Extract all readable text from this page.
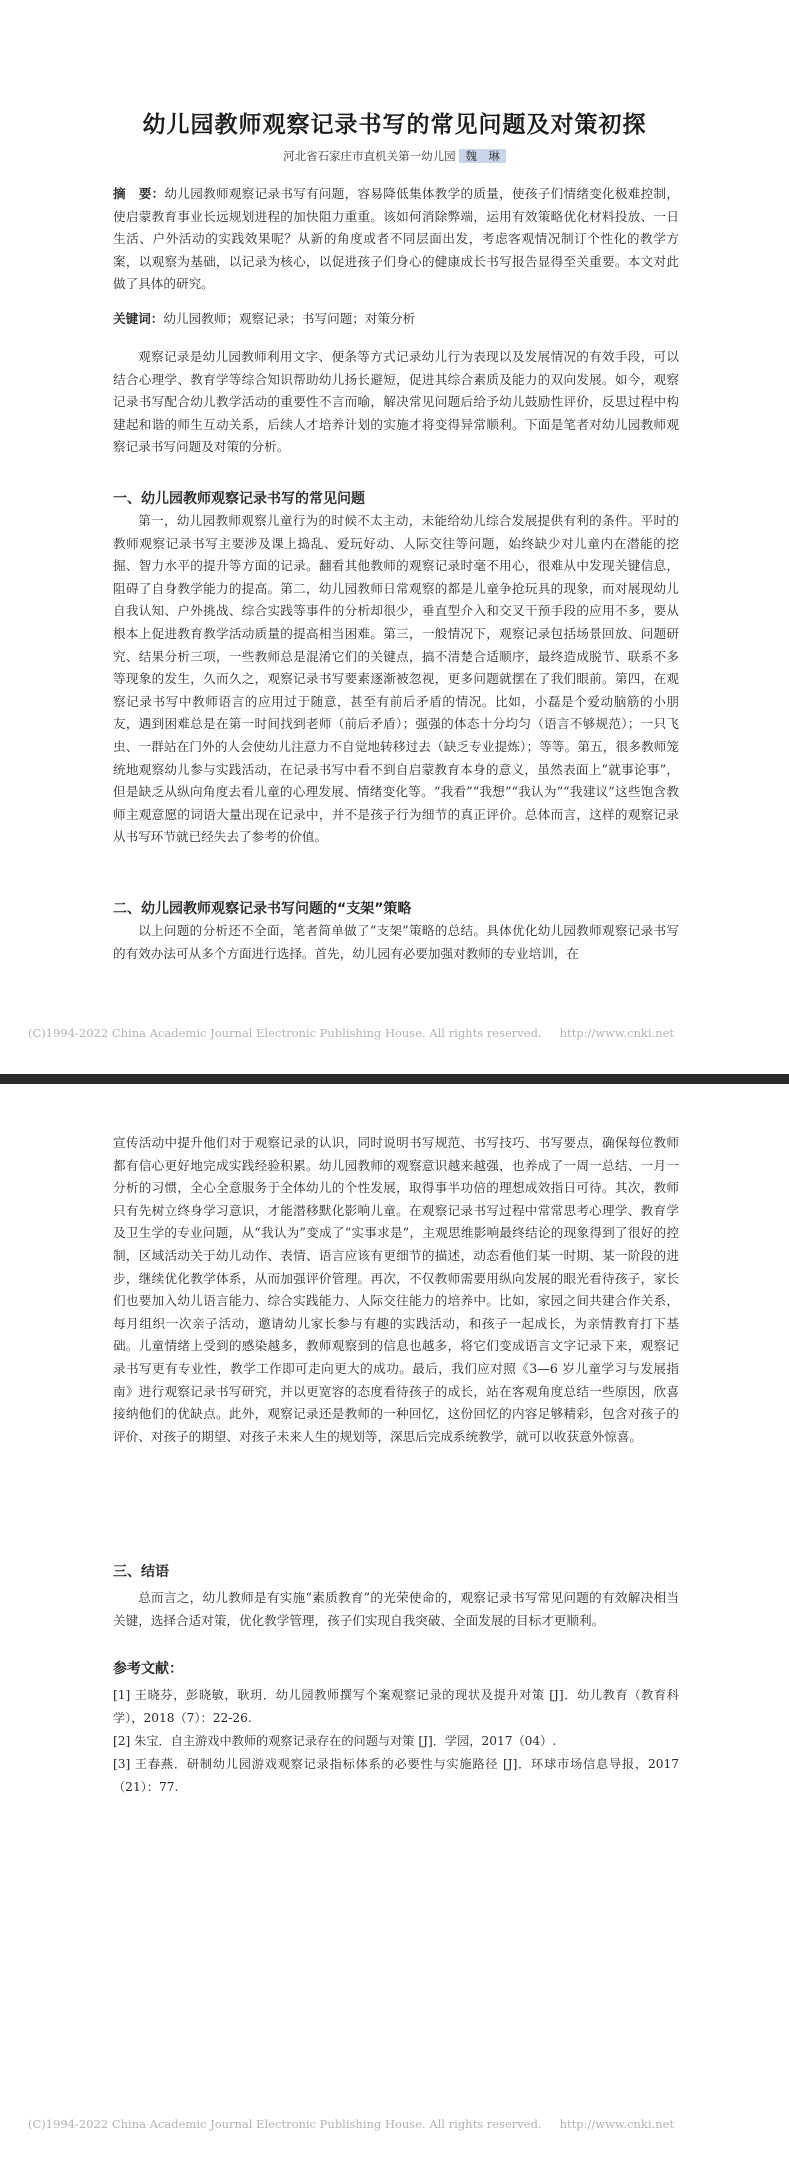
幼儿园教师观察记录书写的常见问题及对策初探
河北省石家庄市直机关第一幼儿园 魏　琳

摘　要：幼儿园教师观察记录书写有问题，容易降低集体教学的质量，使孩子们情绪变化极难控制，使启蒙教育事业长远规划进程的加快阻力重重。该如何消除弊端，运用有效策略优化材料投放、一日生活、户外活动的实践效果呢？从新的角度或者不同层面出发，考虑客观情况制订个性化的教学方案，以观察为基础，以记录为核心，以促进孩子们身心的健康成长书写报告显得至关重要。本文对此做了具体的研究。

关键词：幼儿园教师；观察记录；书写问题；对策分析

观察记录是幼儿园教师利用文字、便条等方式记录幼儿行为表现以及发展情况的有效手段，可以结合心理学、教育学等综合知识帮助幼儿扬长避短，促进其综合素质及能力的双向发展。如今，观察记录书写配合幼儿教学活动的重要性不言而喻，解决常见问题后给予幼儿鼓励性评价，反思过程中构建起和谐的师生互动关系，后续人才培养计划的实施才将变得异常顺利。下面是笔者对幼儿园教师观察记录书写问题及对策的分析。

一、幼儿园教师观察记录书写的常见问题

第一，幼儿园教师观察儿童行为的时候不太主动，未能给幼儿综合发展提供有利的条件。平时的教师观察记录书写主要涉及课上捣乱、爱玩好动、人际交往等问题，始终缺少对儿童内在潜能的挖掘、智力水平的提升等方面的记录。翻看其他教师的观察记录时毫不用心，很难从中发现关键信息，阻碍了自身教学能力的提高。第二，幼儿园教师日常观察的都是儿童争抢玩具的现象，而对展现幼儿自我认知、户外挑战、综合实践等事件的分析却很少，垂直型介入和交叉干预手段的应用不多，要从根本上促进教育教学活动质量的提高相当困难。第三，一般情况下，观察记录包括场景回放、问题研究、结果分析三项，一些教师总是混淆它们的关键点，搞不清楚合适顺序，最终造成脱节、联系不多等现象的发生，久而久之，观察记录书写要素逐渐被忽视，更多问题就摆在了我们眼前。第四，在观察记录书写中教师语言的应用过于随意，甚至有前后矛盾的情况。比如，小磊是个爱动脑筋的小朋友，遇到困难总是在第一时间找到老师（前后矛盾）；强强的体态十分均匀（语言不够规范）；一只飞虫、一群站在门外的人会使幼儿注意力不自觉地转移过去（缺乏专业提炼）；等等。第五，很多教师笼统地观察幼儿参与实践活动，在记录书写中看不到自启蒙教育本身的意义，虽然表面上“就事论事”，但是缺乏从纵向角度去看儿童的心理发展、情绪变化等。“我看”“我想”“我认为”“我建议”这些饱含教师主观意愿的词语大量出现在记录中，并不是孩子行为细节的真正评价。总体而言，这样的观察记录从书写环节就已经失去了参考的价值。

二、幼儿园教师观察记录书写问题的“支架”策略

以上问题的分析还不全面，笔者简单做了“支架”策略的总结。具体优化幼儿园教师观察记录书写的有效办法可从多个方面进行选择。首先，幼儿园有必要加强对教师的专业培训，在

(C)1994-2022 China Academic Journal Electronic Publishing House. All rights reserved. http://www.cnki.net

宣传活动中提升他们对于观察记录的认识，同时说明书写规范、书写技巧、书写要点，确保每位教师都有信心更好地完成实践经验积累。幼儿园教师的观察意识越来越强，也养成了一周一总结、一月一分析的习惯，全心全意服务于全体幼儿的个性发展，取得事半功倍的理想成效指日可待。其次，教师只有先树立终身学习意识，才能潜移默化影响儿童。在观察记录书写过程中常常思考心理学、教育学及卫生学的专业问题，从“我认为”变成了“实事求是”，主观思维影响最终结论的现象得到了很好的控制，区域活动关于幼儿动作、表情、语言应该有更细节的描述，动态看他们某一时期、某一阶段的进步，继续优化教学体系，从而加强评价管理。再次，不仅教师需要用纵向发展的眼光看待孩子，家长们也要加入幼儿语言能力、综合实践能力、人际交往能力的培养中。比如，家园之间共建合作关系，每月组织一次亲子活动，邀请幼儿家长参与有趣的实践活动，和孩子一起成长，为亲情教育打下基础。儿童情绪上受到的感染越多，教师观察到的信息也越多，将它们变成语言文字记录下来，观察记录书写更有专业性，教学工作即可走向更大的成功。最后，我们应对照《3—6 岁儿童学习与发展指南》进行观察记录书写研究，并以更宽容的态度看待孩子的成长，站在客观角度总结一些原因，欣喜接纳他们的优缺点。此外，观察记录还是教师的一种回忆，这份回忆的内容足够精彩，包含对孩子的评价、对孩子的期望、对孩子未来人生的规划等，深思后完成系统教学，就可以收获意外惊喜。

三、结语

总而言之，幼儿教师是有实施“素质教育”的光荣使命的，观察记录书写常见问题的有效解决相当关键，选择合适对策，优化教学管理，孩子们实现自我突破、全面发展的目标才更顺利。

参考文献：

[1] 王晓芬，彭晓敏，耿玥．幼儿园教师撰写个案观察记录的现状及提升对策 [J]．幼儿教育（教育科学），2018（7）：22-26.

[2] 朱宝．自主游戏中教师的观察记录存在的问题与对策 [J]．学园，2017（04）.

[3] 王春燕．研制幼儿园游戏观察记录指标体系的必要性与实施路径 [J]．环球市场信息导报，2017（21）：77.

(C)1994-2022 China Academic Journal Electronic Publishing House. All rights reserved. http://www.cnki.net
